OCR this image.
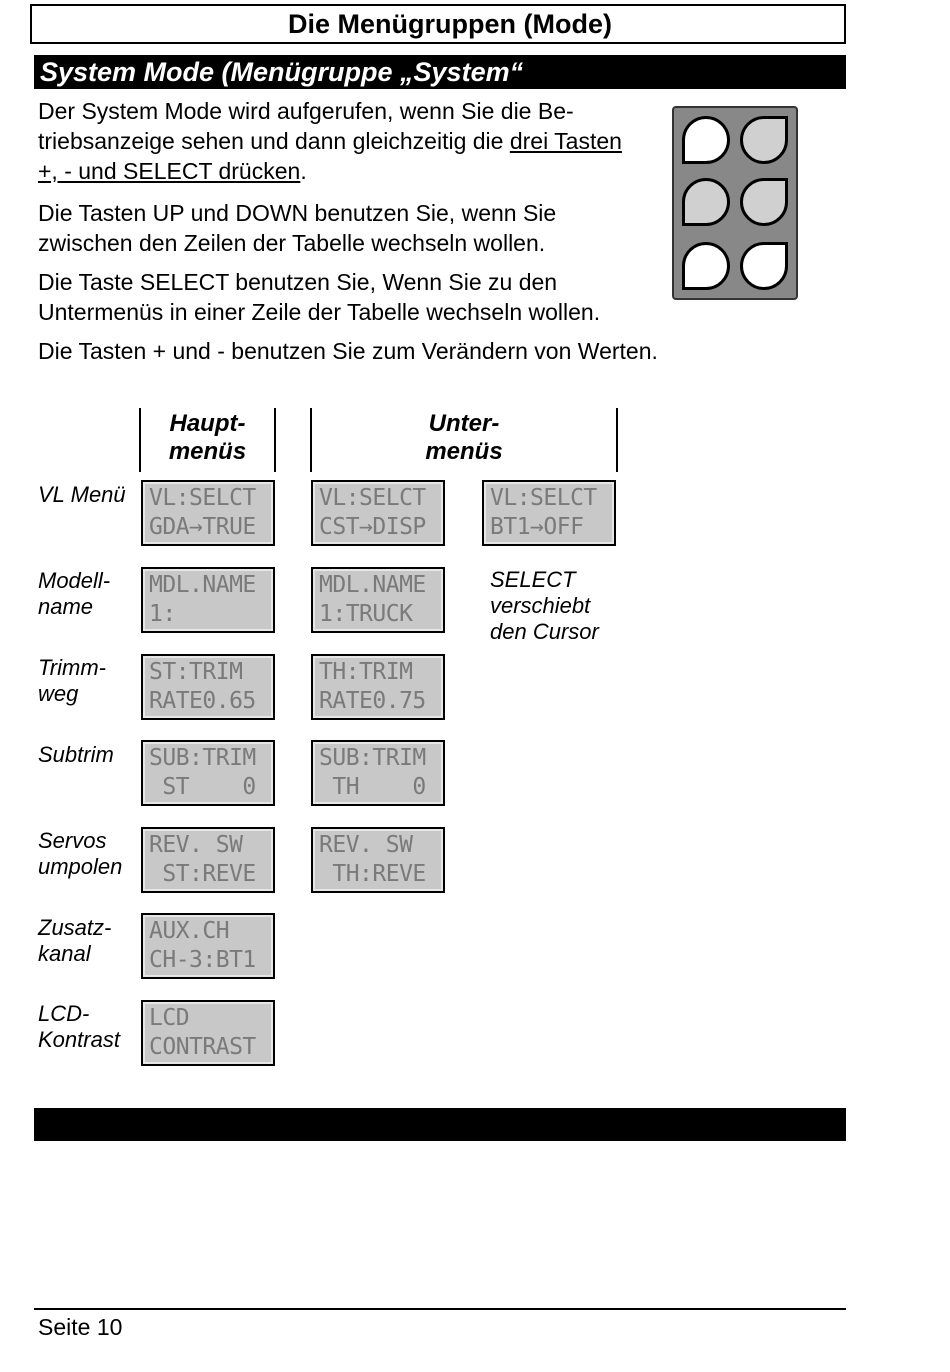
Die Menügruppen (Mode)
System Mode (Menügruppe „System“
Der System Mode wird aufgerufen, wenn Sie die Be-
triebsanzeige sehen und dann gleichzeitig die drei Tasten
+, - und SELECT drücken.
Die Tasten UP und DOWN benutzen Sie, wenn Sie
zwischen den Zeilen der Tabelle wechseln wollen.
Die Taste SELECT benutzen Sie, Wenn Sie zu den
Untermenüs in einer Zeile der Tabelle wechseln wollen.
Die Tasten + und - benutzen Sie zum Verändern von Werten.
Haupt-
menüs
Unter-
menüs
VL Menü VL:SELCT
GDA→TRUE
VL:SELCT
CST→DISP
VL:SELCT
BT1→OFF
Modell-
name
MDL.NAME
1:
MDL.NAME
1:TRUCK
SELECT
verschiebt
den Cursor
Trimm-
weg
ST:TRIM
RATE0.65
TH:TRIM
RATE0.75
Subtrim SUB:TRIM
ST    0
SUB:TRIM
TH    0
Servos
umpolen
REV. SW
ST:REVE
REV. SW
TH:REVE
Zusatz-
kanal
AUX.CH
CH-3:BT1
LCD-
Kontrast
LCD
CONTRAST
Seite 10
